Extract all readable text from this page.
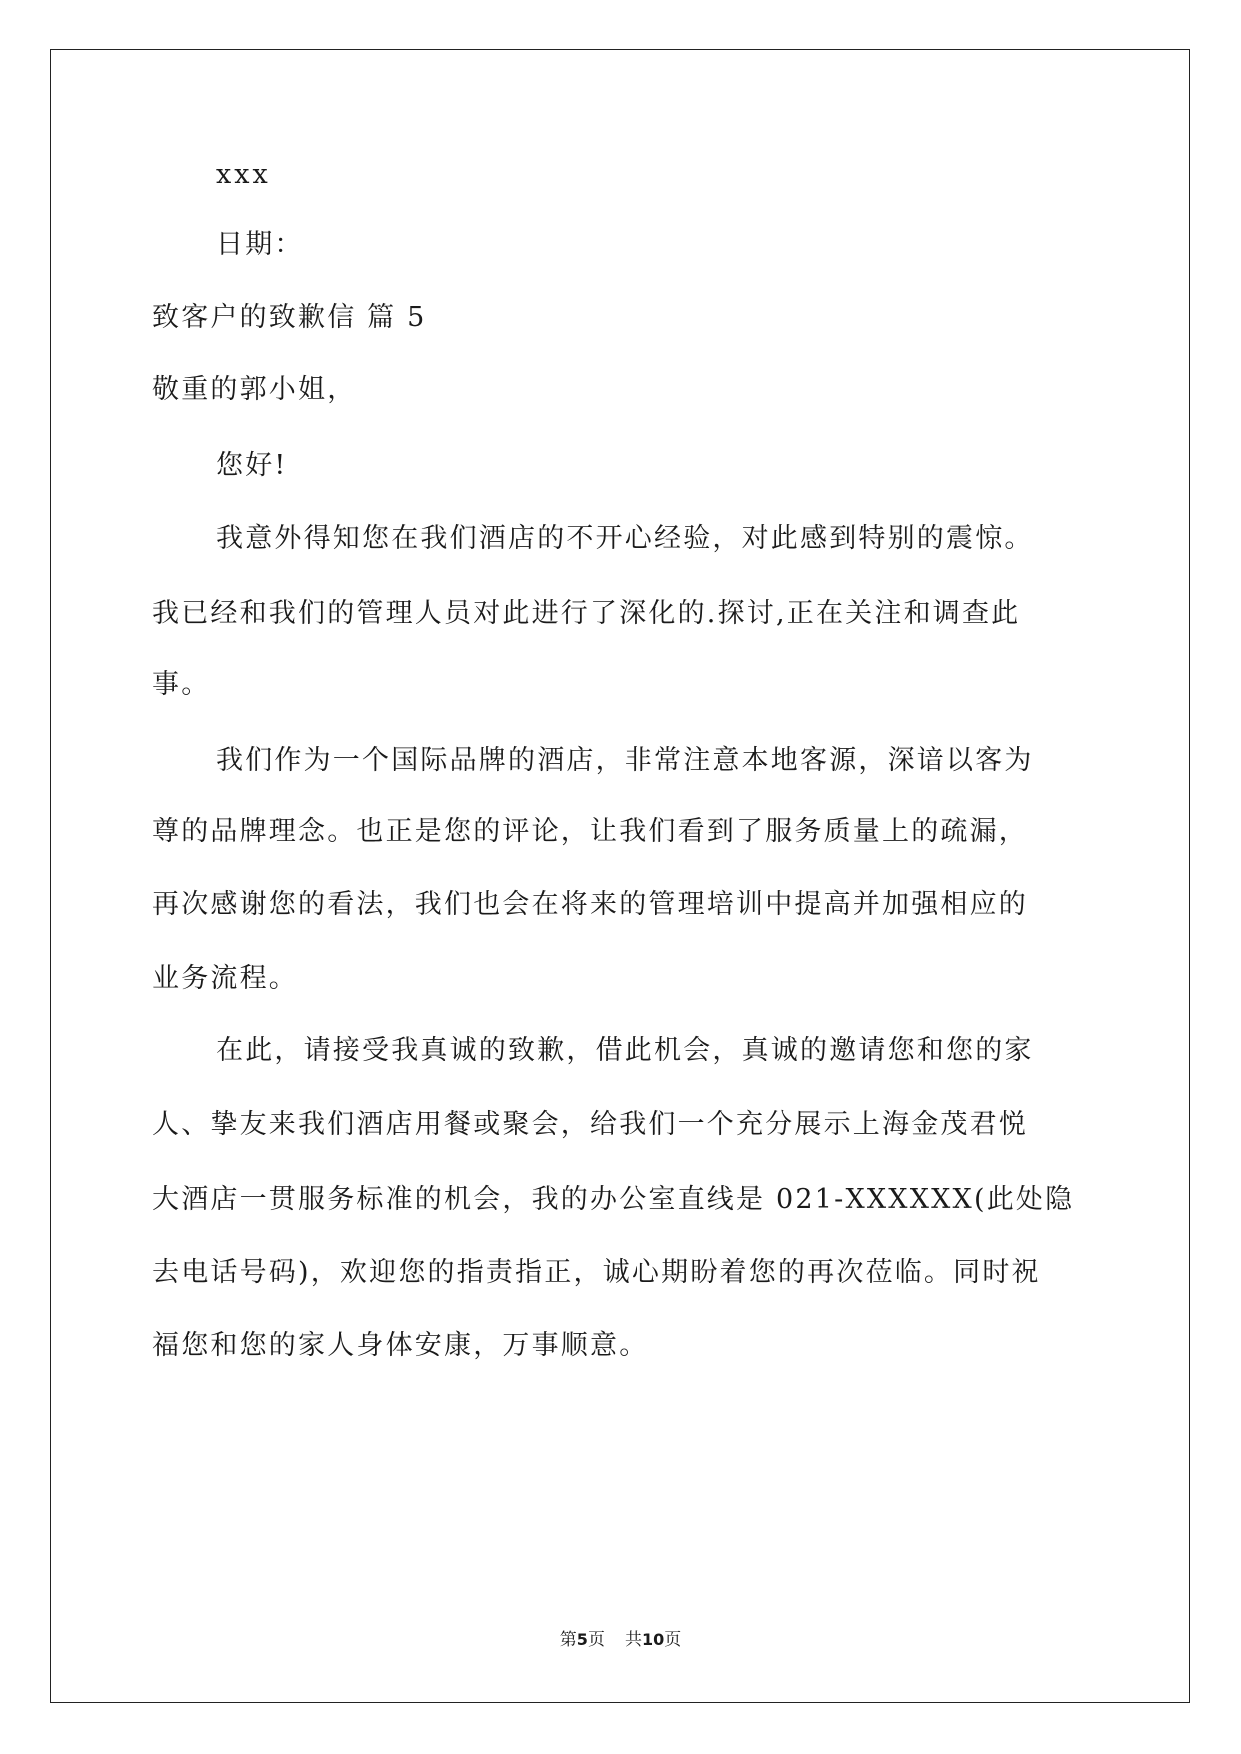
xxx
日期：
致客户的致歉信 篇 5
敬重的郭小姐，
您好!
我意外得知您在我们酒店的不开心经验，对此感到特别的震惊。
我已经和我们的管理人员对此进行了深化的.探讨,正在关注和调查此
事。
我们作为一个国际品牌的酒店，非常注意本地客源，深谙以客为
尊的品牌理念。也正是您的评论，让我们看到了服务质量上的疏漏，
再次感谢您的看法，我们也会在将来的管理培训中提高并加强相应的
业务流程。
在此，请接受我真诚的致歉，借此机会，真诚的邀请您和您的家
人、挚友来我们酒店用餐或聚会，给我们一个充分展示上海金茂君悦
大酒店一贯服务标准的机会，我的办公室直线是 021-XXXXXX(此处隐
去电话号码)，欢迎您的指责指正，诚心期盼着您的再次莅临。同时祝
福您和您的家人身体安康，万事顺意。
第5页 共10页
